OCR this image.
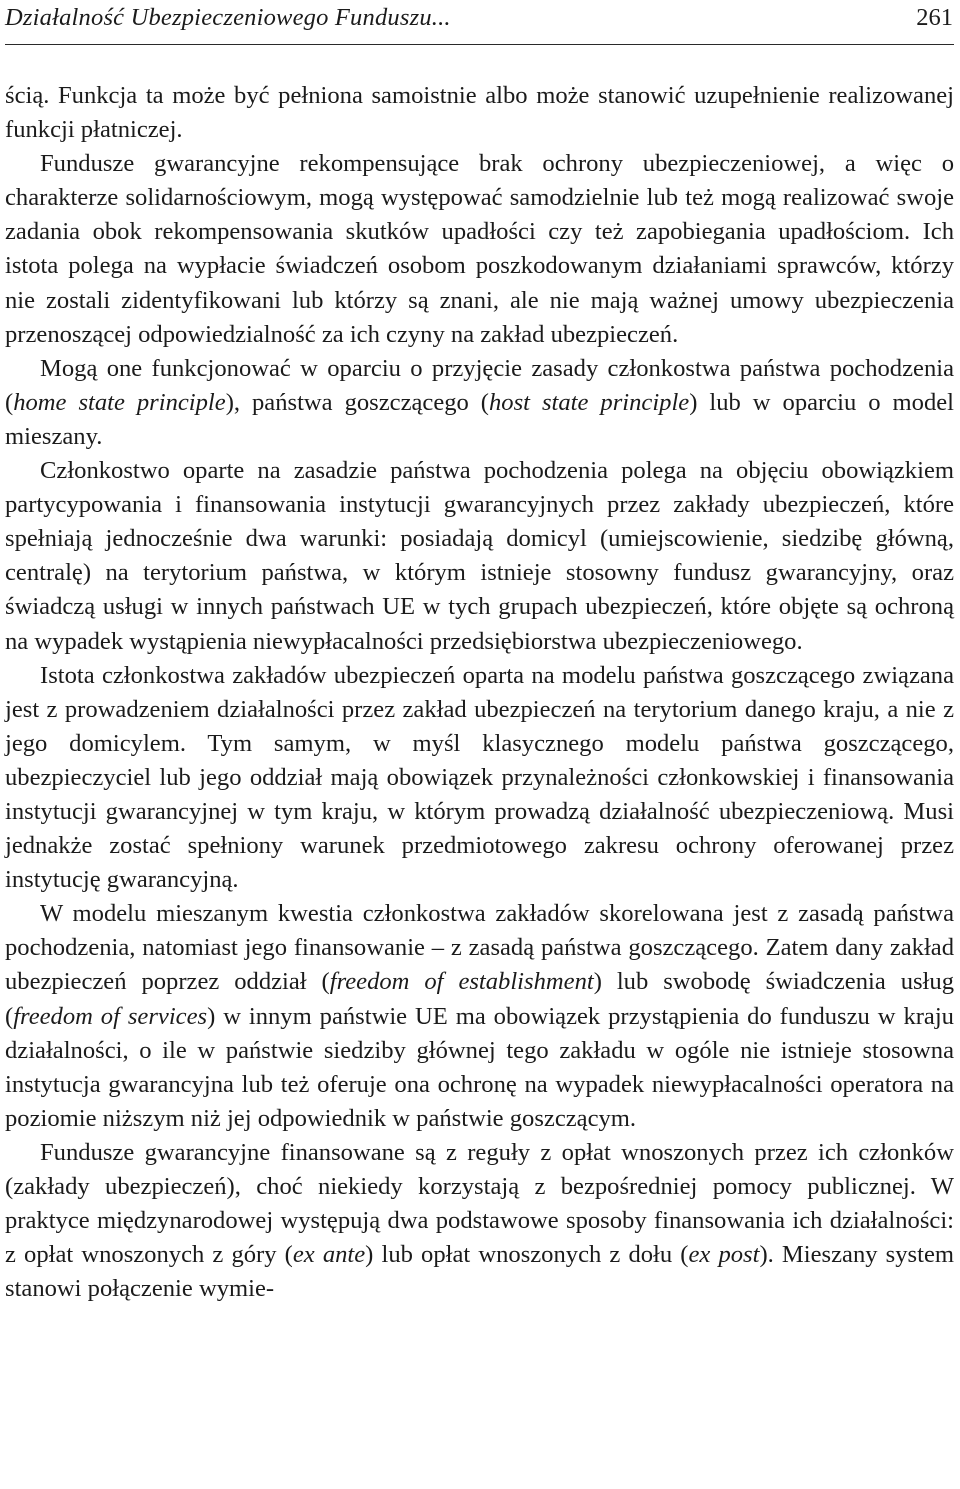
Działalność Ubezpieczeniowego Funduszu...	261

ścią. Funkcja ta może być pełniona samoistnie albo może stanowić uzupełnienie realizowanej funkcji płatniczej.

Fundusze gwarancyjne rekompensujące brak ochrony ubezpieczeniowej, a więc o charakterze solidarnościowym, mogą występować samodzielnie lub też mogą realizować swoje zadania obok rekompensowania skutków upadłości czy też zapobiegania upadłościom. Ich istota polega na wypłacie świadczeń osobom poszkodowanym działaniami sprawców, którzy nie zostali zidentyfikowani lub którzy są znani, ale nie mają ważnej umowy ubezpieczenia przenoszącej odpowiedzialność za ich czyny na zakład ubezpieczeń.

Mogą one funkcjonować w oparciu o przyjęcie zasady członkostwa państwa pochodzenia (home state principle), państwa goszczącego (host state principle) lub w oparciu o model mieszany.

Członkostwo oparte na zasadzie państwa pochodzenia polega na objęciu obowiązkiem partycypowania i finansowania instytucji gwarancyjnych przez zakłady ubezpieczeń, które spełniają jednocześnie dwa warunki: posiadają domicyl (umiejscowienie, siedzibę główną, centralę) na terytorium państwa, w którym istnieje stosowny fundusz gwarancyjny, oraz świadczą usługi w innych państwach UE w tych grupach ubezpieczeń, które objęte są ochroną na wypadek wystąpienia niewypłacalności przedsiębiorstwa ubezpieczeniowego.

Istota członkostwa zakładów ubezpieczeń oparta na modelu państwa goszczącego związana jest z prowadzeniem działalności przez zakład ubezpieczeń na terytorium danego kraju, a nie z jego domicylem. Tym samym, w myśl klasycznego modelu państwa goszczącego, ubezpieczyciel lub jego oddział mają obowiązek przynależności członkowskiej i finansowania instytucji gwarancyjnej w tym kraju, w którym prowadzą działalność ubezpieczeniową. Musi jednakże zostać spełniony warunek przedmiotowego zakresu ochrony oferowanej przez instytucję gwarancyjną.

W modelu mieszanym kwestia członkostwa zakładów skorelowana jest z zasadą państwa pochodzenia, natomiast jego finansowanie – z zasadą państwa goszczącego. Zatem dany zakład ubezpieczeń poprzez oddział (freedom of establishment) lub swobodę świadczenia usług (freedom of services) w innym państwie UE ma obowiązek przystąpienia do funduszu w kraju działalności, o ile w państwie siedziby głównej tego zakładu w ogóle nie istnieje stosowna instytucja gwarancyjna lub też oferuje ona ochronę na wypadek niewypłacalności operatora na poziomie niższym niż jej odpowiednik w państwie goszczącym.

Fundusze gwarancyjne finansowane są z reguły z opłat wnoszonych przez ich członków (zakłady ubezpieczeń), choć niekiedy korzystają z bezpośredniej pomocy publicznej. W praktyce międzynarodowej występują dwa podstawowe sposoby finansowania ich działalności: z opłat wnoszonych z góry (ex ante) lub opłat wnoszonych z dołu (ex post). Mieszany system stanowi połączenie wymie-
